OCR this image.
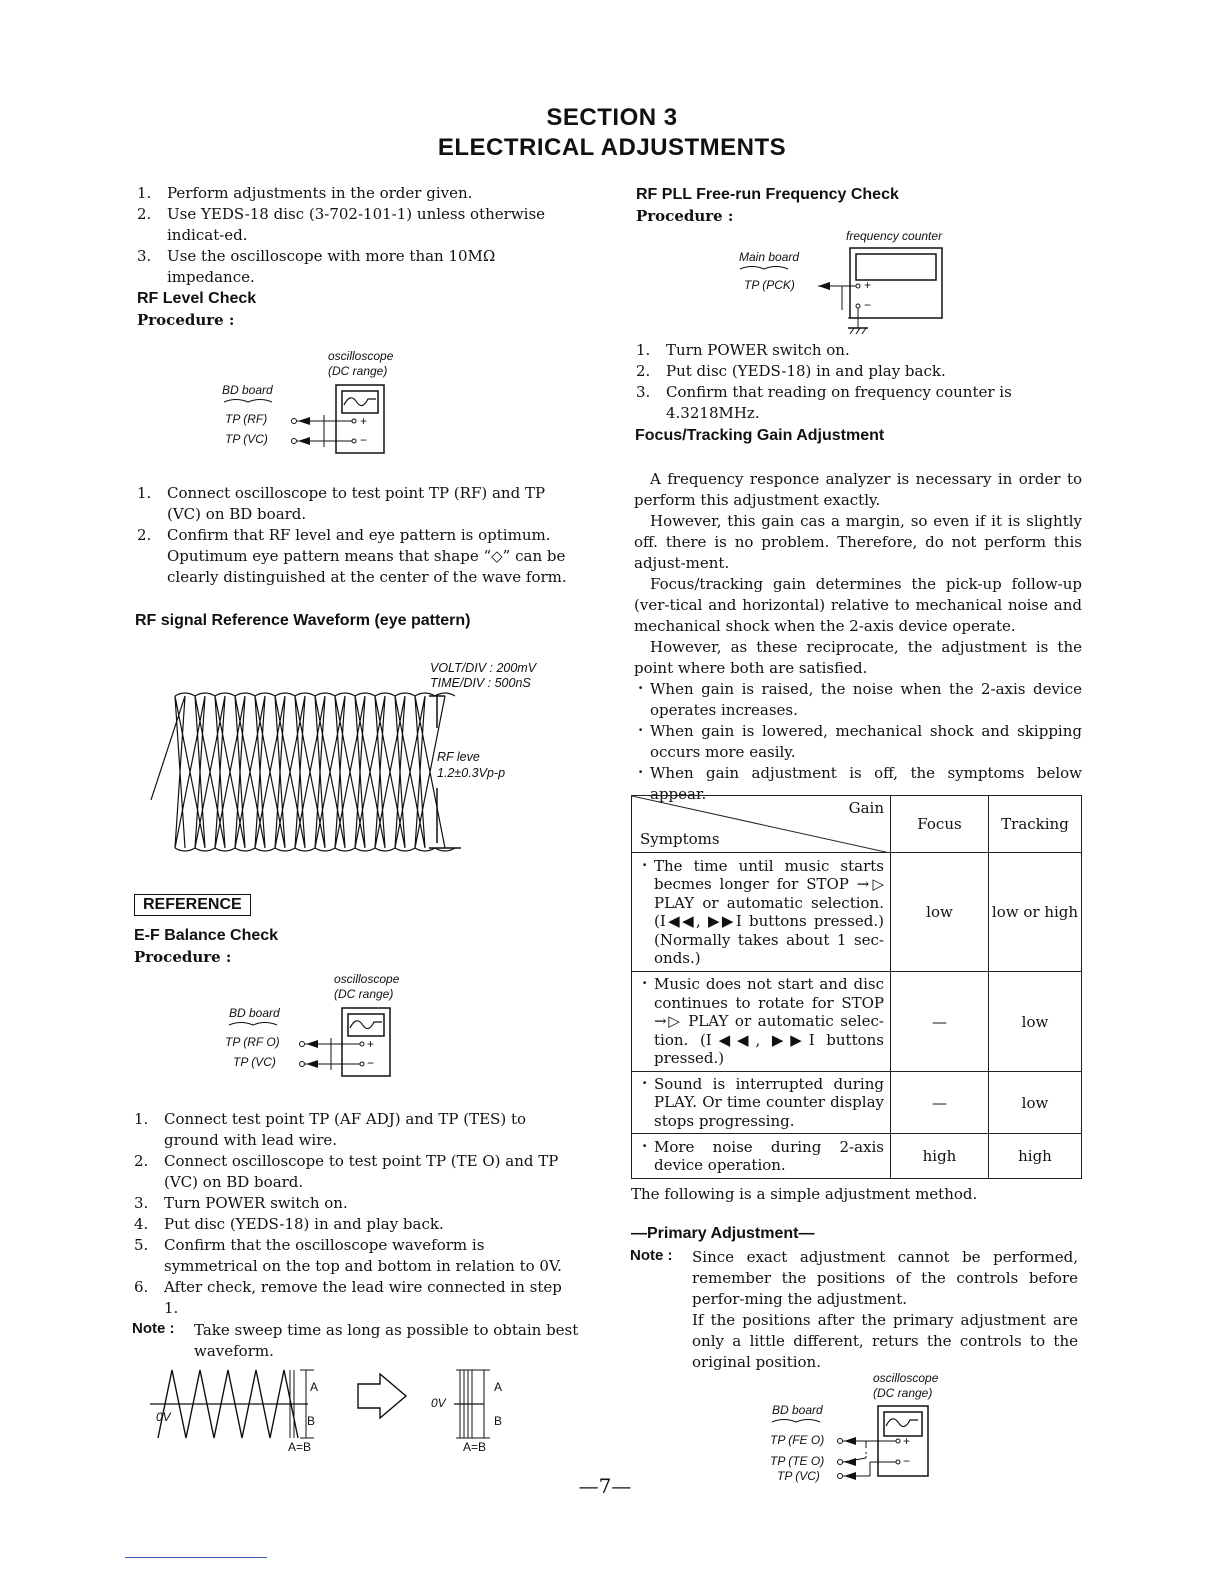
SECTION 3
ELECTRICAL ADJUSTMENTS
1. Perform adjustments in the order given.
2. Use YEDS-18 disc (3-702-101-1) unless otherwise indicat-ed.
3. Use the oscilloscope with more than 10MΩ impedance.
RF Level Check
Procedure :
oscilloscope
(DC range)
BD board
TP (RF)
TP (VC)
+
−
1. Connect oscilloscope to test point TP (RF) and TP (VC) on BD board.
2. Confirm that RF level and eye pattern is optimum. Oputimum eye pattern means that shape “◇” can be clearly distinguished at the center of the wave form.
RF signal Reference Waveform (eye pattern)
VOLT/DIV : 200mV
TIME/DIV : 500nS
RF leve
1.2±0.3Vp-p
REFERENCE
E-F Balance Check
Procedure :
oscilloscope
(DC range)
BD board
TP (RF O)
TP (VC)
+
−
1. Connect test point TP (AF ADJ) and TP (TES) to ground with lead wire.
2. Connect oscilloscope to test point TP (TE O) and TP (VC) on BD board.
3. Turn POWER switch on.
4. Put disc (YEDS-18) in and play back.
5. Confirm that the oscilloscope waveform is symmetrical on the top and bottom in relation to 0V.
6. After check, remove the lead wire connected in step 1.
Note : Take sweep time as long as possible to obtain best waveform.
A
B
0V
A=B
A
B
0V
A=B
RF PLL Free-run Frequency Check
Procedure :
frequency counter
Main board
TP (PCK)	+
−
1. Turn POWER switch on.
2. Put disc (YEDS-18) in and play back.
3. Confirm that reading on frequency counter is 4.3218MHz.
Focus/Tracking Gain Adjustment

A frequency responce analyzer is necessary in order to perform this adjustment exactly.

However, this gain cas a margin, so even if it is slightly off. there is no problem. Therefore, do not perform this adjust-ment.

Focus/tracking gain determines the pick-up follow-up (ver-tical and horizontal) relative to mechanical noise and mechanical shock when the 2-axis device operate.

However, as these reciprocate, the adjustment is the point where both are satisfied.

· When gain is raised, the noise when the 2-axis device operates increases.

· When gain is lowered, mechanical shock and skipping occurs more easily.

· When gain adjustment is off, the symptoms below appear.

Gain
Symptoms	Focus	Tracking

· The time until music starts becmes longer for STOP →▷ PLAY or automatic selection. (I◀◀, ▶▶I buttons pressed.) (Normally takes about 1 sec-onds.)	low	low or high

· Music does not start and disc continues to rotate for STOP →▷ PLAY or automatic selec-tion. (I◀◀, ▶▶I buttons pressed.)	—	low

· Sound is interrupted during PLAY. Or time counter display stops progressing.	—	low

· More noise during 2-axis device operation.	high	high
The following is a simple adjustment method.
—Primary Adjustment—
Note : Since exact adjustment cannot be performed, remember the positions of the controls before perfor-ming the adjustment.
If the positions after the primary adjustment are only a little different, returs the controls to the original position.
oscilloscope
(DC range)
BD board
TP (FE O)
TP (TE O)
TP (VC)
+
−
—7—
